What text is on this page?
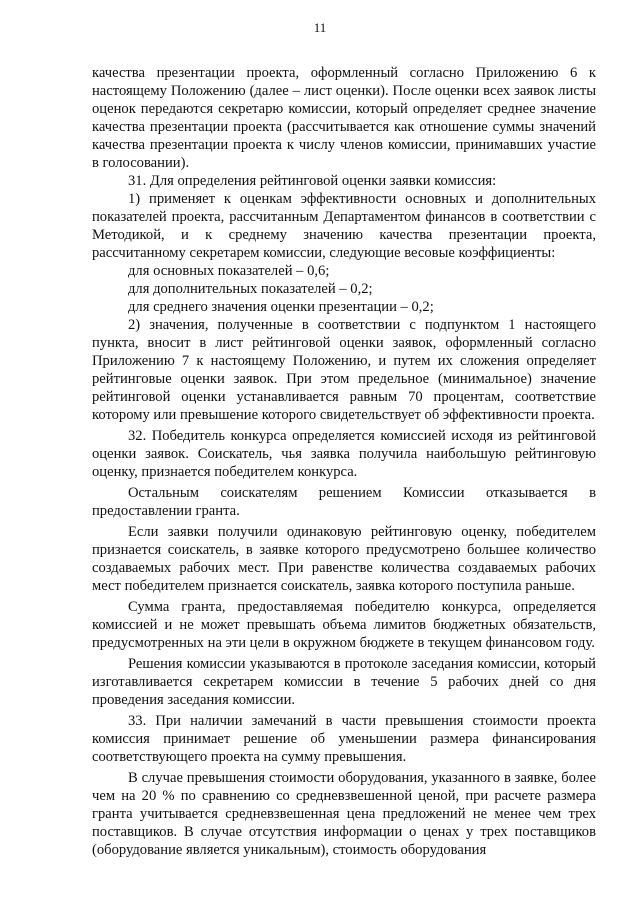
11

качества презентации проекта, оформленный согласно Приложению 6 к настоящему Положению (далее – лист оценки). После оценки всех заявок листы оценок передаются секретарю комиссии, который определяет среднее значение качества презентации проекта (рассчитывается как отношение суммы значений качества презентации проекта к числу членов комиссии, принимавших участие в голосовании).

31. Для определения рейтинговой оценки заявки комиссия:

1) применяет к оценкам эффективности основных и дополнительных показателей проекта, рассчитанным Департаментом финансов в соответствии с Методикой, и к среднему значению качества презентации проекта, рассчитанному секретарем комиссии, следующие весовые коэффициенты:

для основных показателей – 0,6;

для дополнительных показателей – 0,2;

для среднего значения оценки презентации – 0,2;

2) значения, полученные в соответствии с подпунктом 1 настоящего пункта, вносит в лист рейтинговой оценки заявок, оформленный согласно Приложению 7 к настоящему Положению, и путем их сложения определяет рейтинговые оценки заявок. При этом предельное (минимальное) значение рейтинговой оценки устанавливается равным 70 процентам, соответствие которому или превышение которого свидетельствует об эффективности проекта.

32. Победитель конкурса определяется комиссией исходя из рейтинговой оценки заявок. Соискатель, чья заявка получила наибольшую рейтинговую оценку, признается победителем конкурса.

Остальным соискателям решением Комиссии отказывается в предоставлении гранта.

Если заявки получили одинаковую рейтинговую оценку, победителем признается соискатель, в заявке которого предусмотрено большее количество создаваемых рабочих мест. При равенстве количества создаваемых рабочих мест победителем признается соискатель, заявка которого поступила раньше.

Сумма гранта, предоставляемая победителю конкурса, определяется комиссией и не может превышать объема лимитов бюджетных обязательств, предусмотренных на эти цели в окружном бюджете в текущем финансовом году.

Решения комиссии указываются в протоколе заседания комиссии, который изготавливается секретарем комиссии в течение 5 рабочих дней со дня проведения заседания комиссии.

33. При наличии замечаний в части превышения стоимости проекта комиссия принимает решение об уменьшении размера финансирования соответствующего проекта на сумму превышения.

В случае превышения стоимости оборудования, указанного в заявке, более чем на 20 % по сравнению со средневзвешенной ценой, при расчете размера гранта учитывается средневзвешенная цена предложений не менее чем трех поставщиков. В случае отсутствия информации о ценах у трех поставщиков (оборудование является уникальным), стоимость оборудования
